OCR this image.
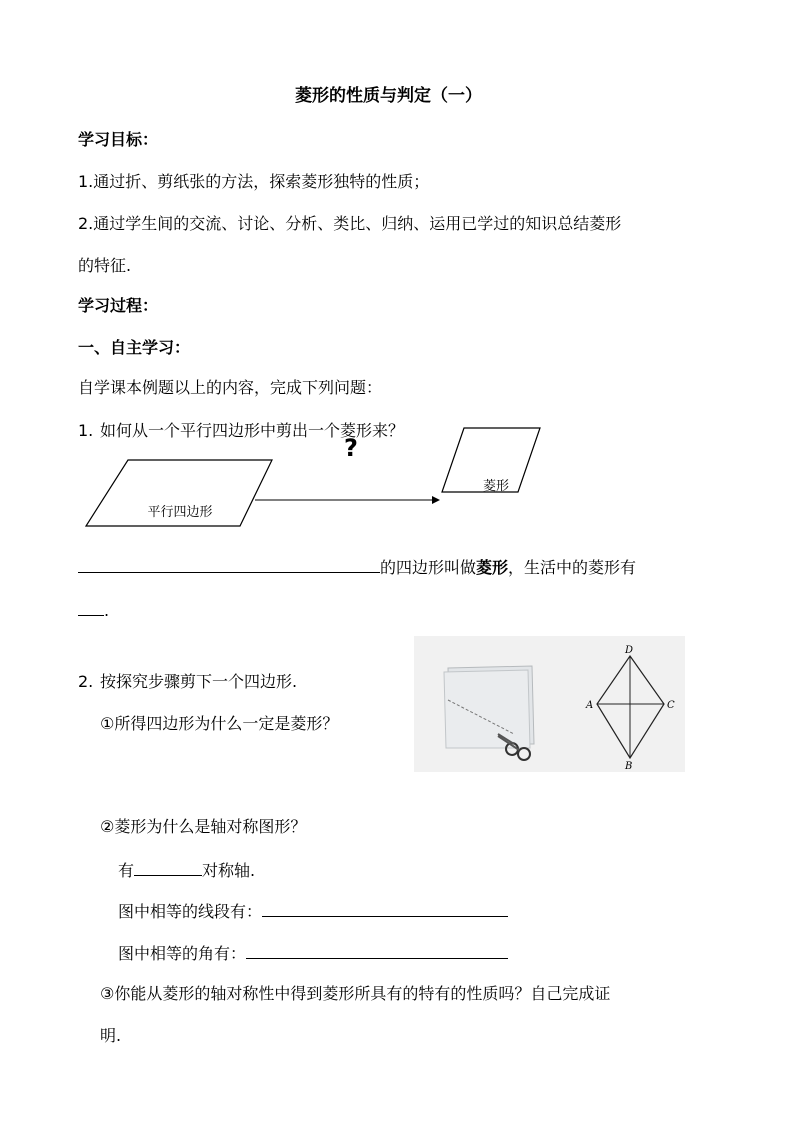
菱形的性质与判定（一）
学习目标：
1.通过折、剪纸张的方法，探索菱形独特的性质；
2.通过学生间的交流、讨论、分析、类比、归纳、运用已学过的知识总结菱形
的特征.
学习过程：
一、自主学习：
自学课本例题以上的内容，完成下列问题：
1. 如何从一个平行四边形中剪出一个菱形来？
平行四边形
菱形
?
的四边形叫做菱形，生活中的菱形有
.
2. 按探究步骤剪下一个四边形.
①所得四边形为什么一定是菱形？
D
A	C
B
②菱形为什么是轴对称图形？
有	对称轴.
图中相等的线段有：
图中相等的角有：
③你能从菱形的轴对称性中得到菱形所具有的特有的性质吗？自己完成证
明.
